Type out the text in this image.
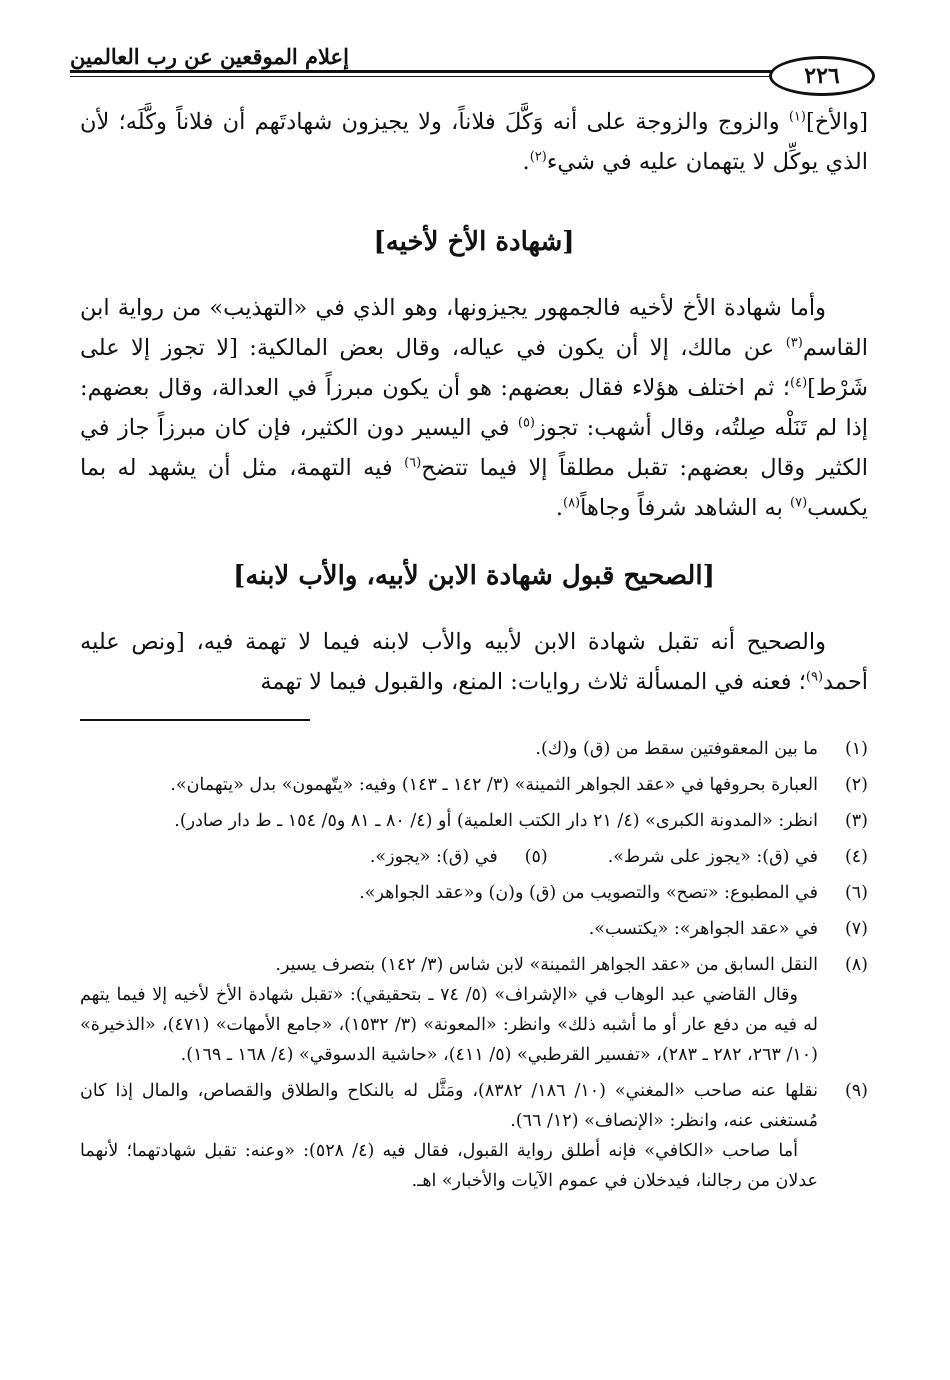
٢٢٦
إعلام الموقعين عن رب العالمين

[والأخ]$^{(١)}$ والزوج والزوجة على أنه وَكَّلَ فلاناً، ولا يجيزون شهادتَهم أن فلاناً وكَّلَه؛ لأن الذي يوكِّل لا يتهمان عليه في شيء$^{(٢)}$.

[شهادة الأخ لأخيه]

وأما شهادة الأخ لأخيه فالجمهور يجيزونها، وهو الذي في «التهذيب» من رواية ابن القاسم$^{(٣)}$ عن مالك، إلا أن يكون في عياله، وقال بعض المالكية: [لا تجوز إلا على شَرْط]$^{(٤)}$؛ ثم اختلف هؤلاء فقال بعضهم: هو أن يكون مبرزاً في العدالة، وقال بعضهم: إذا لم تَنَلْه صِلتُه، وقال أشهب: تجوز$^{(٥)}$ في اليسير دون الكثير، فإن كان مبرزاً جاز في الكثير وقال بعضهم: تقبل مطلقاً إلا فيما تتضح$^{(٦)}$ فيه التهمة، مثل أن يشهد له بما يكسب$^{(٧)}$ به الشاهد شرفاً وجاهاً$^{(٨)}$.

[الصحيح قبول شهادة الابن لأبيه، والأب لابنه]

والصحيح أنه تقبل شهادة الابن لأبيه والأب لابنه فيما لا تهمة فيه، [ونص عليه أحمد$^{(٩)}$؛ فعنه في المسألة ثلاث روايات: المنع، والقبول فيما لا تهمة

(١)
ما بين المعقوفتين سقط من (ق) و(ك).
(٢)
العبارة بحروفها في «عقد الجواهر الثمينة» (٣/ ١٤٢ ـ ١٤٣) وفيه: «يتّهمون» بدل «يتهمان».
(٣)
انظر: «المدونة الكبرى» (٤/ ٢١ دار الكتب العلمية) أو (٤/ ٨٠ ـ ٨١ و٥/ ١٥٤ ـ ط دار صادر).
(٤)
في (ق): «يجوز على شرط».
(٥)
في (ق): «يجوز».
(٦)
في المطبوع: «تصح» والتصويب من (ق) و(ن) و«عقد الجواهر».
(٧)
في «عقد الجواهر»: «يكتسب».
(٨)

النقل السابق من «عقد الجواهر الثمينة» لابن شاس (٣/ ١٤٢) بتصرف يسير.

وقال القاضي عبد الوهاب في «الإشراف» (٥/ ٧٤ ـ بتحقيقي): «تقبل شهادة الأخ لأخيه إلا فيما يتهم له فيه من دفع عار أو ما أشبه ذلك» وانظر: «المعونة» (٣/ ١٥٣٢)، «جامع الأمهات» (٤٧١)، «الذخيرة» (١٠/ ٢٦٣، ٢٨٢ ـ ٢٨٣)، «تفسير القرطبي» (٥/ ٤١١)، «حاشية الدسوقي» (٤/ ١٦٨ ـ ١٦٩).

(٩)

نقلها عنه صاحب «المغني» (١٠/ ١٨٦/ ٨٣٨٢)، ومَثَّل له بالنكاح والطلاق والقصاص، والمال إذا كان مُستغنى عنه، وانظر: «الإنصاف» (١٢/ ٦٦).

أما صاحب «الكافي» فإنه أطلق رواية القبول، فقال فيه (٤/ ٥٢٨): «وعنه: تقبل شهادتهما؛ لأنهما عدلان من رجالنا، فيدخلان في عموم الآيات والأخبار» اهـ.
